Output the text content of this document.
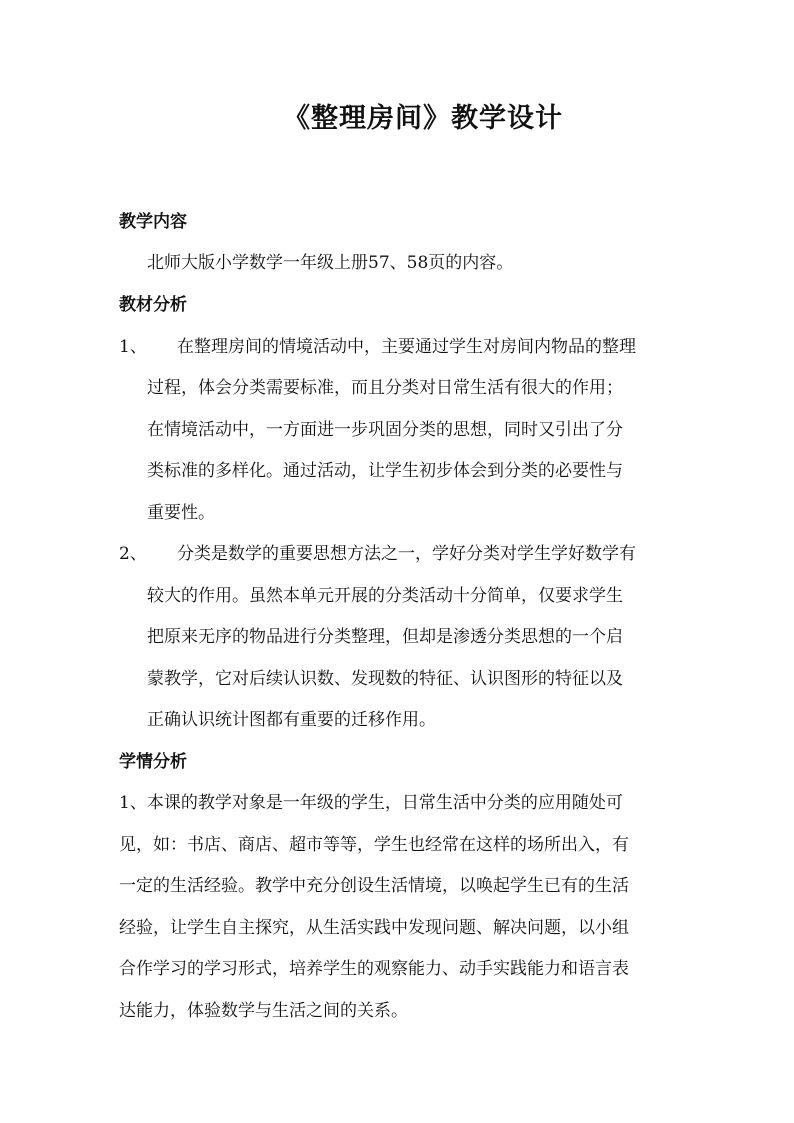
《整理房间》教学设计
教学内容
北师大版小学数学一年级上册57、58页的内容。
教材分析
1、 在整理房间的情境活动中，主要通过学生对房间内物品的整理
过程，体会分类需要标准，而且分类对日常生活有很大的作用；
在情境活动中，一方面进一步巩固分类的思想，同时又引出了分
类标准的多样化。通过活动，让学生初步体会到分类的必要性与
重要性。
2、 分类是数学的重要思想方法之一，学好分类对学生学好数学有
较大的作用。虽然本单元开展的分类活动十分简单，仅要求学生
把原来无序的物品进行分类整理，但却是渗透分类思想的一个启
蒙教学，它对后续认识数、发现数的特征、认识图形的特征以及
正确认识统计图都有重要的迁移作用。
学情分析
1、本课的教学对象是一年级的学生，日常生活中分类的应用随处可
见，如：书店、商店、超市等等，学生也经常在这样的场所出入，有
一定的生活经验。教学中充分创设生活情境，以唤起学生已有的生活
经验，让学生自主探究，从生活实践中发现问题、解决问题，以小组
合作学习的学习形式，培养学生的观察能力、动手实践能力和语言表
达能力，体验数学与生活之间的关系。
